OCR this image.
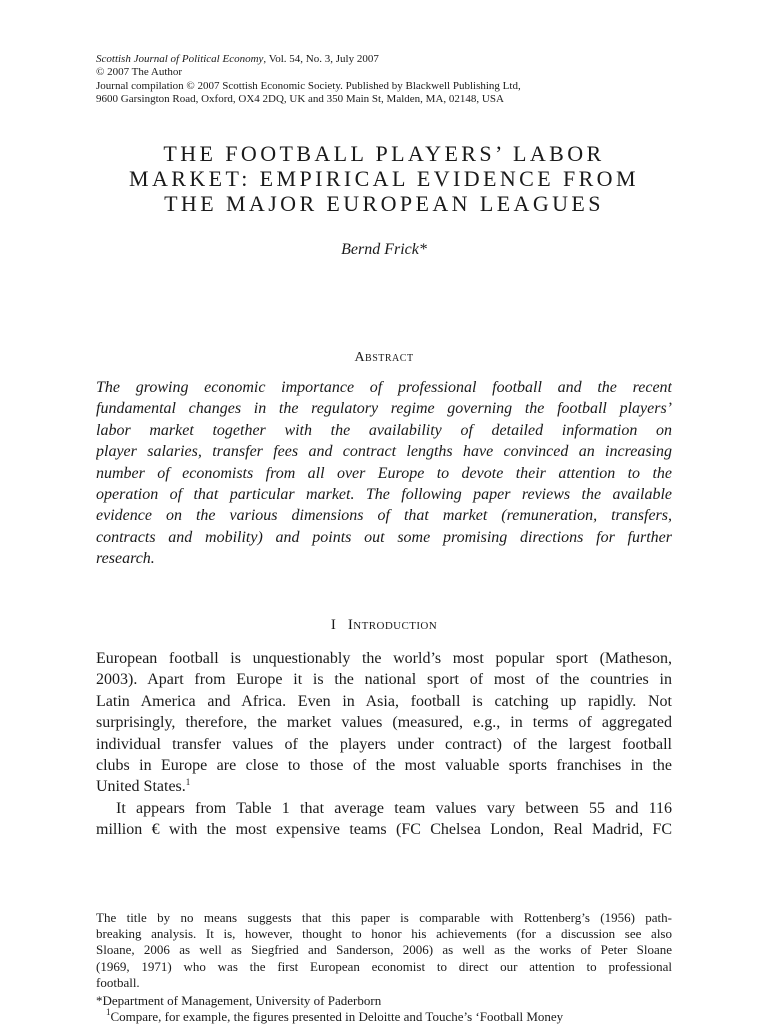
Scottish Journal of Political Economy, Vol. 54, No. 3, July 2007
© 2007 The Author
Journal compilation © 2007 Scottish Economic Society. Published by Blackwell Publishing Ltd,
9600 Garsington Road, Oxford, OX4 2DQ, UK and 350 Main St, Malden, MA, 02148, USA
THE FOOTBALL PLAYERS’ LABOR
MARKET: EMPIRICAL EVIDENCE FROM
THE MAJOR EUROPEAN LEAGUES
Bernd Frick*
Abstract
The growing economic importance of professional football and the recent
fundamental changes in the regulatory regime governing the football players’
labor market together with the availability of detailed information on
player salaries, transfer fees and contract lengths have convinced an increasing
number of economists from all over Europe to devote their attention to the
operation of that particular market. The following paper reviews the available
evidence on the various dimensions of that market (remuneration, transfers,
contracts and mobility) and points out some promising directions for further
research.
I Introduction

European football is unquestionably the world’s most popular sport (Matheson,
2003). Apart from Europe it is the national sport of most of the countries in
Latin America and Africa. Even in Asia, football is catching up rapidly. Not
surprisingly, therefore, the market values (measured, e.g., in terms of aggregated
individual transfer values of the players under contract) of the largest football
clubs in Europe are close to those of the most valuable sports franchises in the
United States.$^1$

It appears from Table 1 that average team values vary between 55 and 116

million € with the most expensive teams (FC Chelsea London, Real Madrid, FC

The title by no means suggests that this paper is comparable with Rottenberg’s (1956) path-
breaking analysis. It is, however, thought to honor his achievements (for a discussion see also
Sloane, 2006 as well as Siegfried and Sanderson, 2006) as well as the works of Peter Sloane
(1969, 1971) who was the first European economist to direct our attention to professional
football.

*Department of Management, University of Paderborn

$^1$Compare, for example, the figures presented in Deloitte and Touche’s ‘Football Money
